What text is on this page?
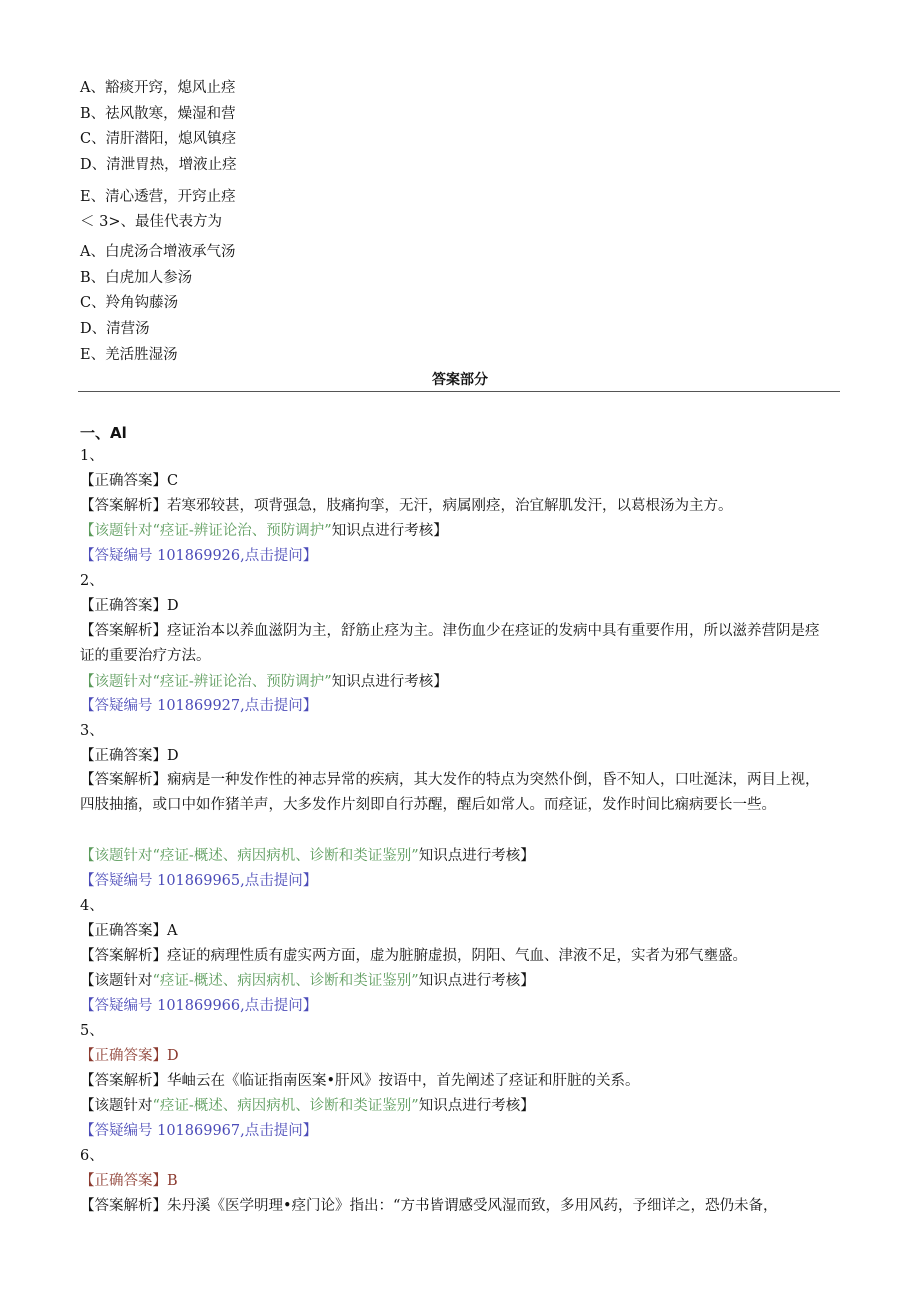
A、豁痰开窍，熄风止痉
B、祛风散寒，燥湿和营
C、清肝潜阳，熄风镇痉
D、清泄胃热，增液止痉
E、清心透营，开窍止痉
＜ 3>、最佳代表方为
A、白虎汤合增液承气汤
B、白虎加人参汤
C、羚角钩藤汤
D、清营汤
E、羌活胜湿汤
答案部分
一、Al
1、
【正确答案】C
【答案解析】若寒邪较甚，项背强急，肢痛拘挛，无汗，病属刚痉，治宜解肌发汗，以葛根汤为主方。
【该题针对“痉证-辨证论治、预防调护”知识点进行考核】
【答疑编号 101869926,点击提问】
2、
【正确答案】D
【答案解析】痉证治本以养血滋阴为主，舒筋止痉为主。津伤血少在痉证的发病中具有重要作用，所以滋养营阴是痉证的重要治疗方法。
【该题针对“痉证-辨证论治、预防调护”知识点进行考核】
【答疑编号 101869927,点击提问】
3、
【正确答案】D
【答案解析】痫病是一种发作性的神志异常的疾病，其大发作的特点为突然仆倒，昏不知人，口吐涎沫，两目上视，四肢抽搐，或口中如作猪羊声，大多发作片刻即自行苏醒，醒后如常人。而痉证，发作时间比痫病要长一些。
【该题针对“痉证-概述、病因病机、诊断和类证鉴别”知识点进行考核】
【答疑编号 101869965,点击提问】
4、
【正确答案】A
【答案解析】痉证的病理性质有虚实两方面，虚为脏腑虚损，阴阳、气血、津液不足，实者为邪气壅盛。
【该题针对“痉证-概述、病因病机、诊断和类证鉴别”知识点进行考核】
【答疑编号 101869966,点击提问】
5、
【正确答案】D
【答案解析】华岫云在《临证指南医案•肝风》按语中，首先阐述了痉证和肝脏的关系。
【该题针对“痉证-概述、病因病机、诊断和类证鉴别”知识点进行考核】
【答疑编号 101869967,点击提问】
6、
【正确答案】B
【答案解析】朱丹溪《医学明理•痉门论》指出：“方书皆谓感受风湿而致，多用风药，予细详之，恐仍未备，
